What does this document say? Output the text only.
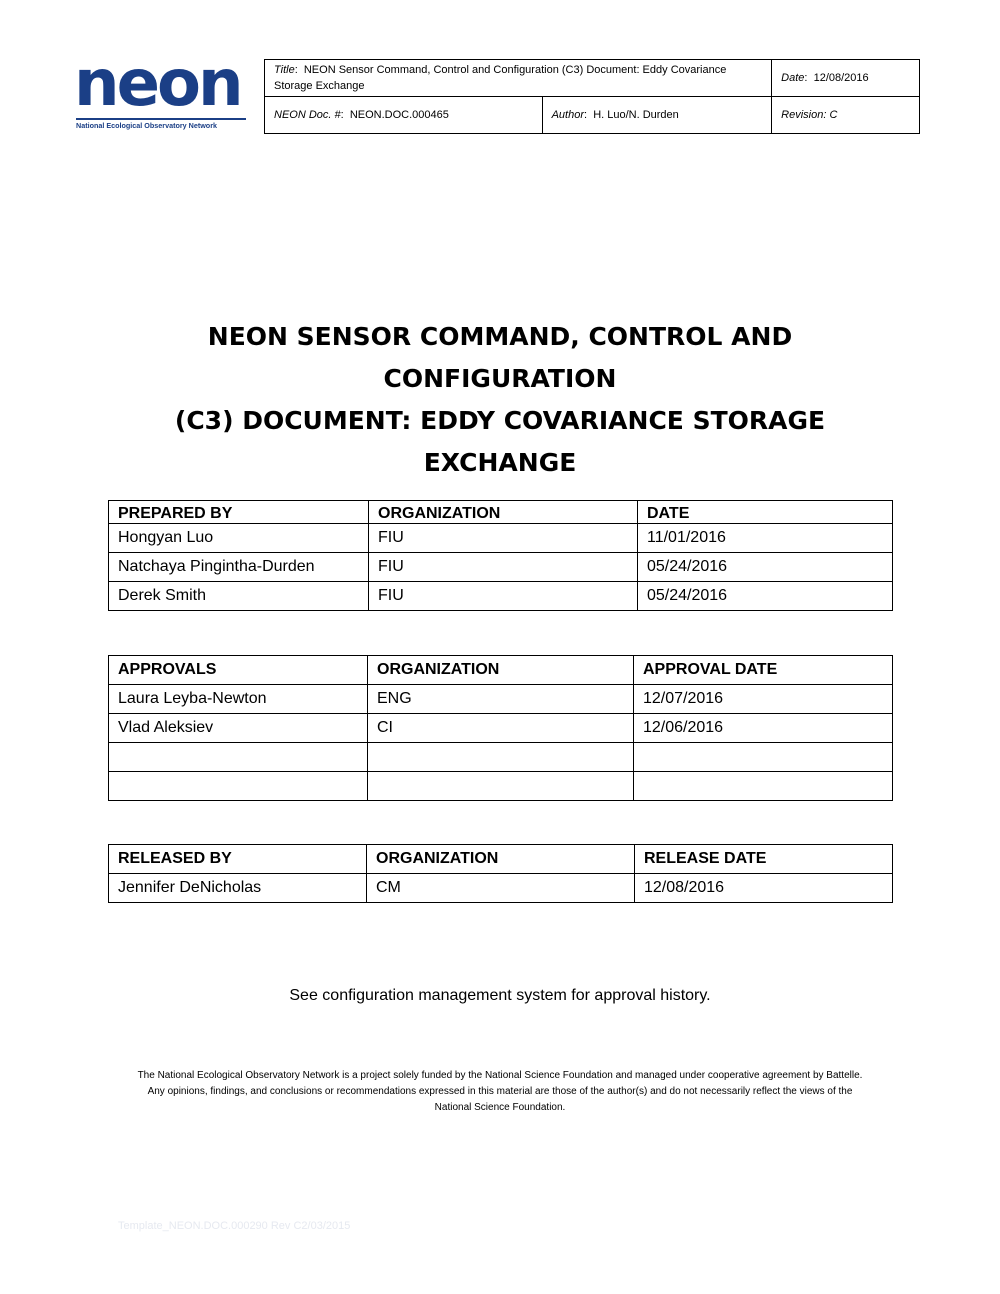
neon
National Ecological Observatory Network
Title:  NEON Sensor Command, Control and Configuration (C3) Document: Eddy Covariance Storage Exchange		Date:  12/08/2016
NEON Doc. #:  NEON.DOC.000465	Author:  H. Luo/N. Durden	Revision: C
NEON SENSOR COMMAND, CONTROL AND CONFIGURATION
(C3) DOCUMENT: EDDY COVARIANCE STORAGE EXCHANGE
PREPARED BY	ORGANIZATION	DATE
Hongyan Luo	FIU	11/01/2016
Natchaya Pingintha-Durden	FIU	05/24/2016
Derek Smith	FIU	05/24/2016
APPROVALS	ORGANIZATION	APPROVAL DATE
Laura Leyba-Newton	ENG	12/07/2016
Vlad Aleksiev	CI	12/06/2016

RELEASED BY	ORGANIZATION	RELEASE DATE
Jennifer DeNicholas	CM	12/08/2016
See configuration management system for approval history.
The National Ecological Observatory Network is a project solely funded by the National Science Foundation and managed under cooperative agreement by Battelle.
Any opinions, findings, and conclusions or recommendations expressed in this material are those of the author(s) and do not necessarily reflect the views of the
National Science Foundation.
Template_NEON.DOC.000290 Rev C2/03/2015
